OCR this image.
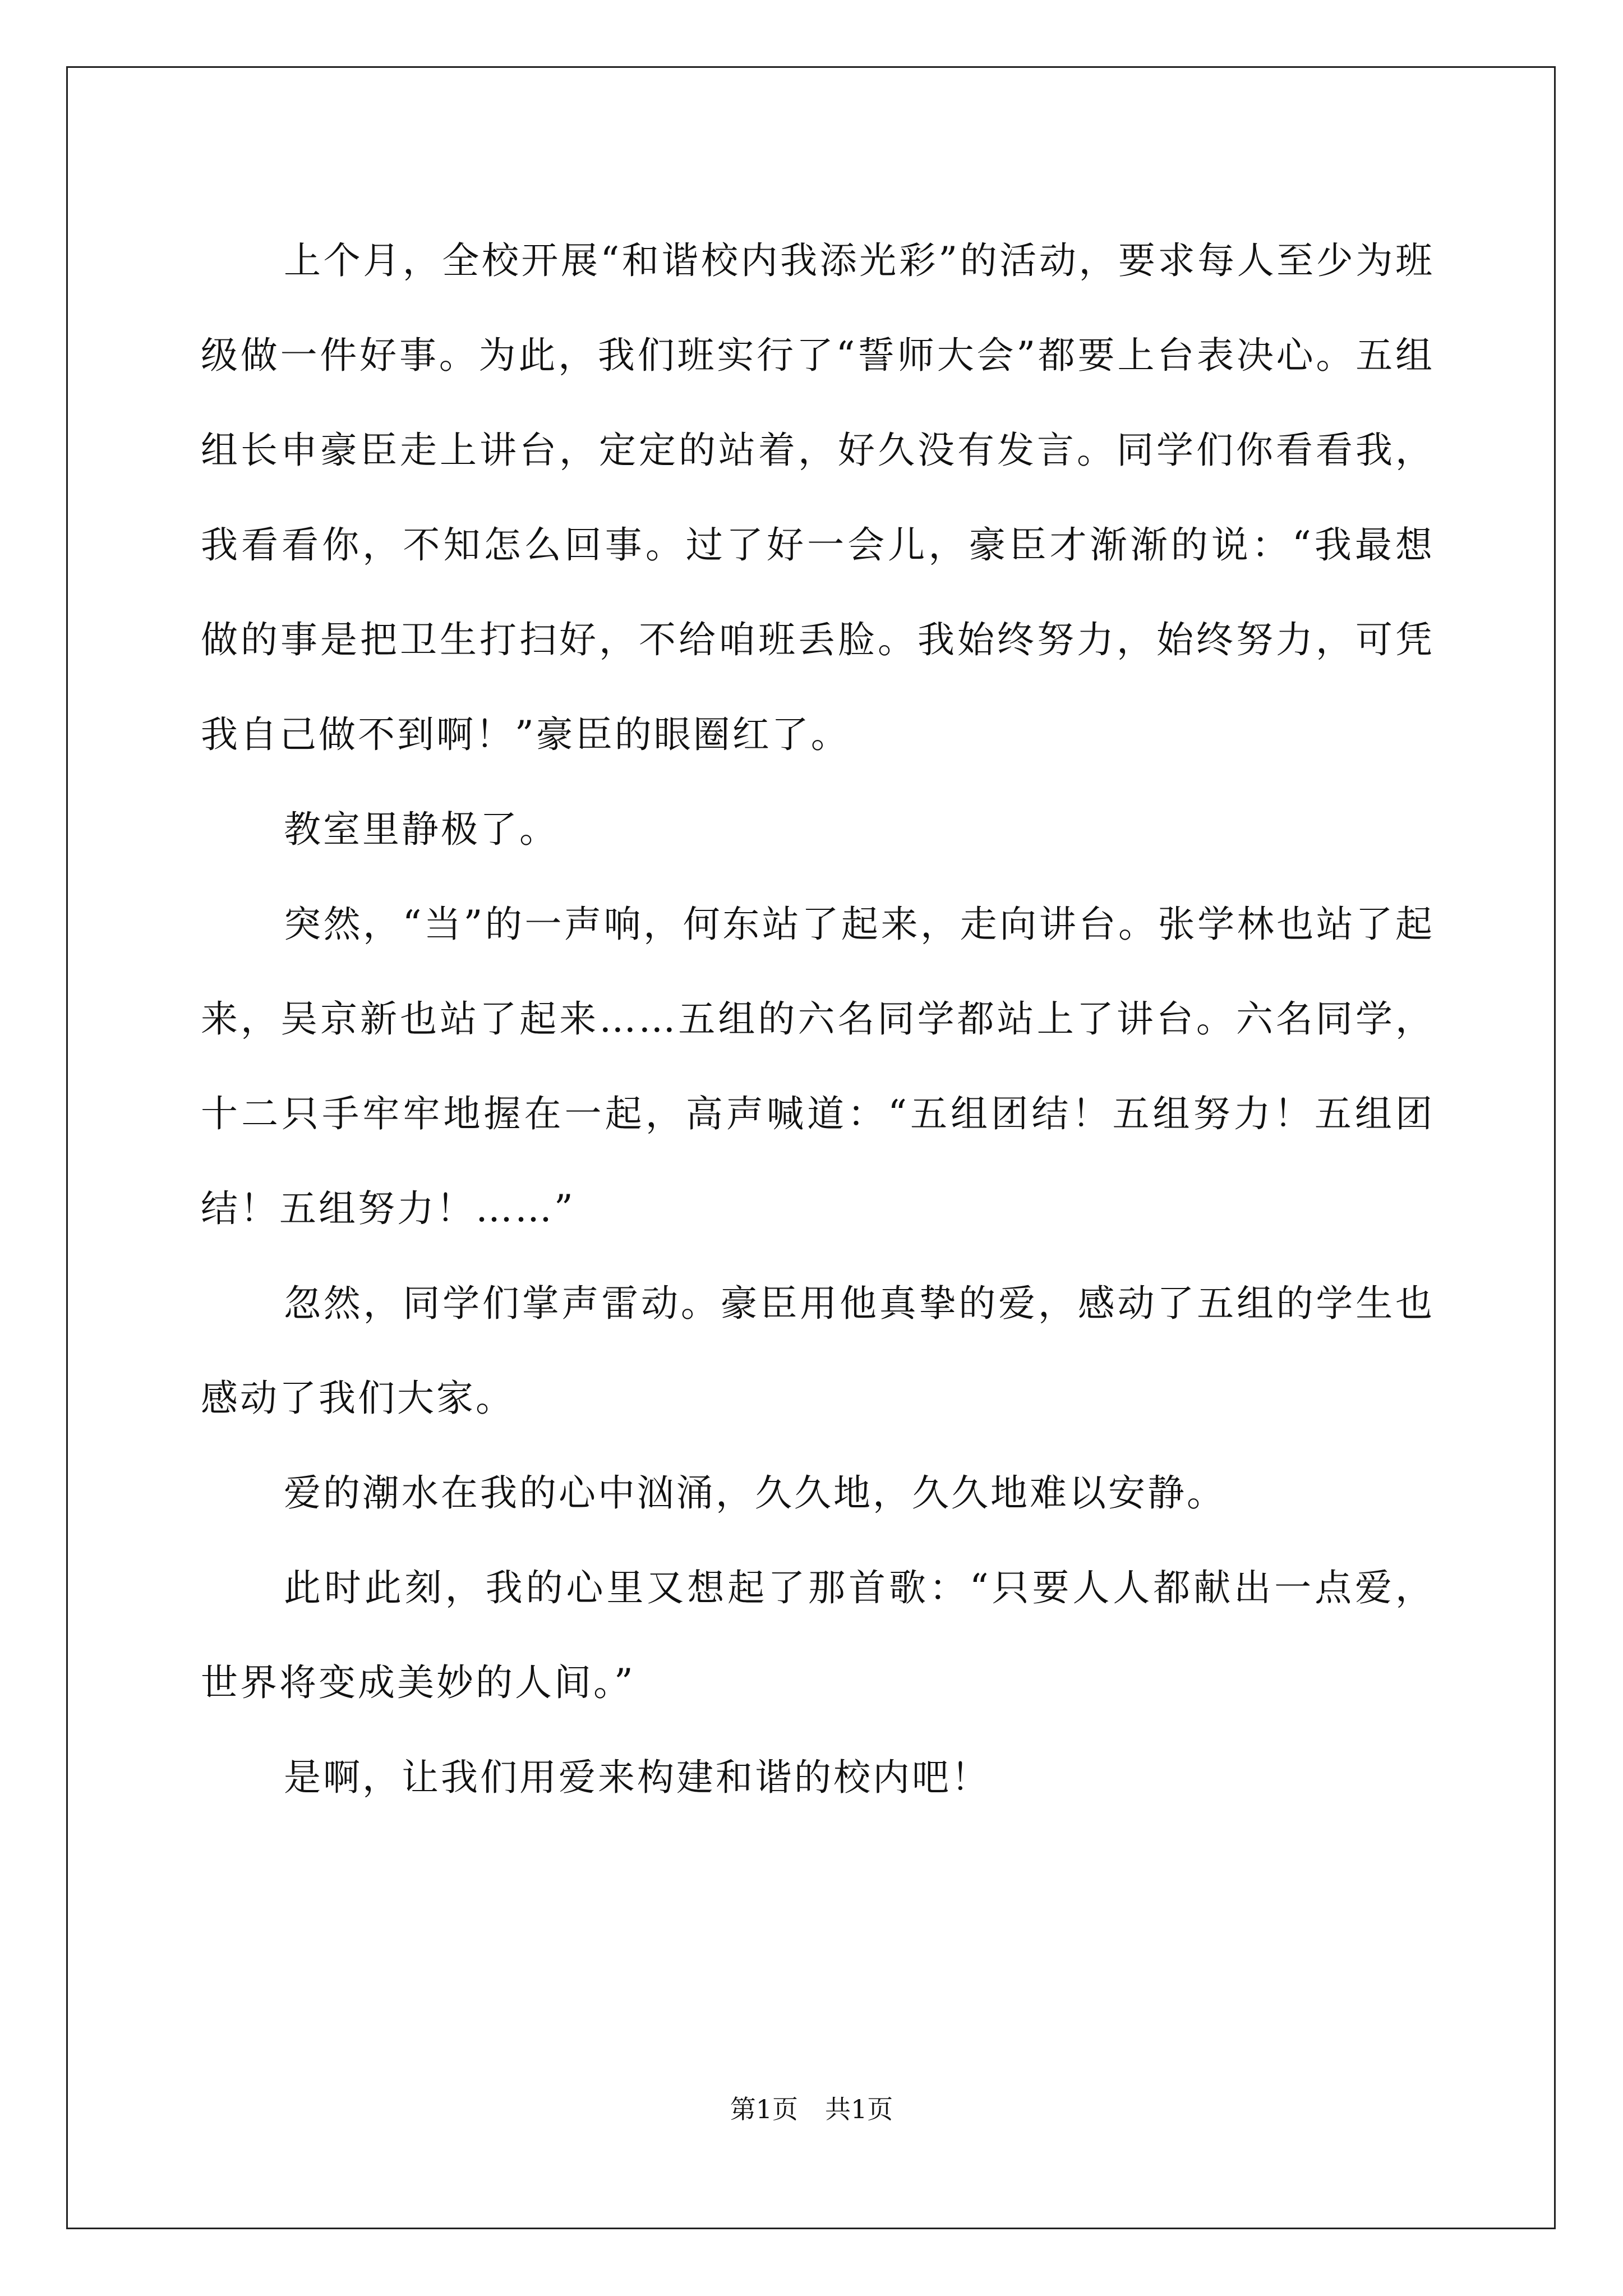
上个月，全校开展“和谐校内我添光彩”的活动，要求每人至少为班级做一件好事。为此，我们班实行了“誓师大会”都要上台表决心。五组组长申豪臣走上讲台，定定的站着，好久没有发言。同学们你看看我，我看看你，不知怎么回事。过了好一会儿，豪臣才渐渐的说：“我最想做的事是把卫生打扫好，不给咱班丢脸。我始终努力，始终努力，可凭我自己做不到啊！”豪臣的眼圈红了。

教室里静极了。

突然，“当”的一声响，何东站了起来，走向讲台。张学林也站了起来，吴京新也站了起来……五组的六名同学都站上了讲台。六名同学，十二只手牢牢地握在一起，高声喊道：“五组团结！五组努力！五组团结！五组努力！……”

忽然，同学们掌声雷动。豪臣用他真挚的爱，感动了五组的学生也感动了我们大家。

爱的潮水在我的心中汹涌，久久地，久久地难以安静。

此时此刻，我的心里又想起了那首歌：“只要人人都献出一点爱，世界将变成美妙的人间。”

是啊，让我们用爱来构建和谐的校内吧！

第1页 共1页
